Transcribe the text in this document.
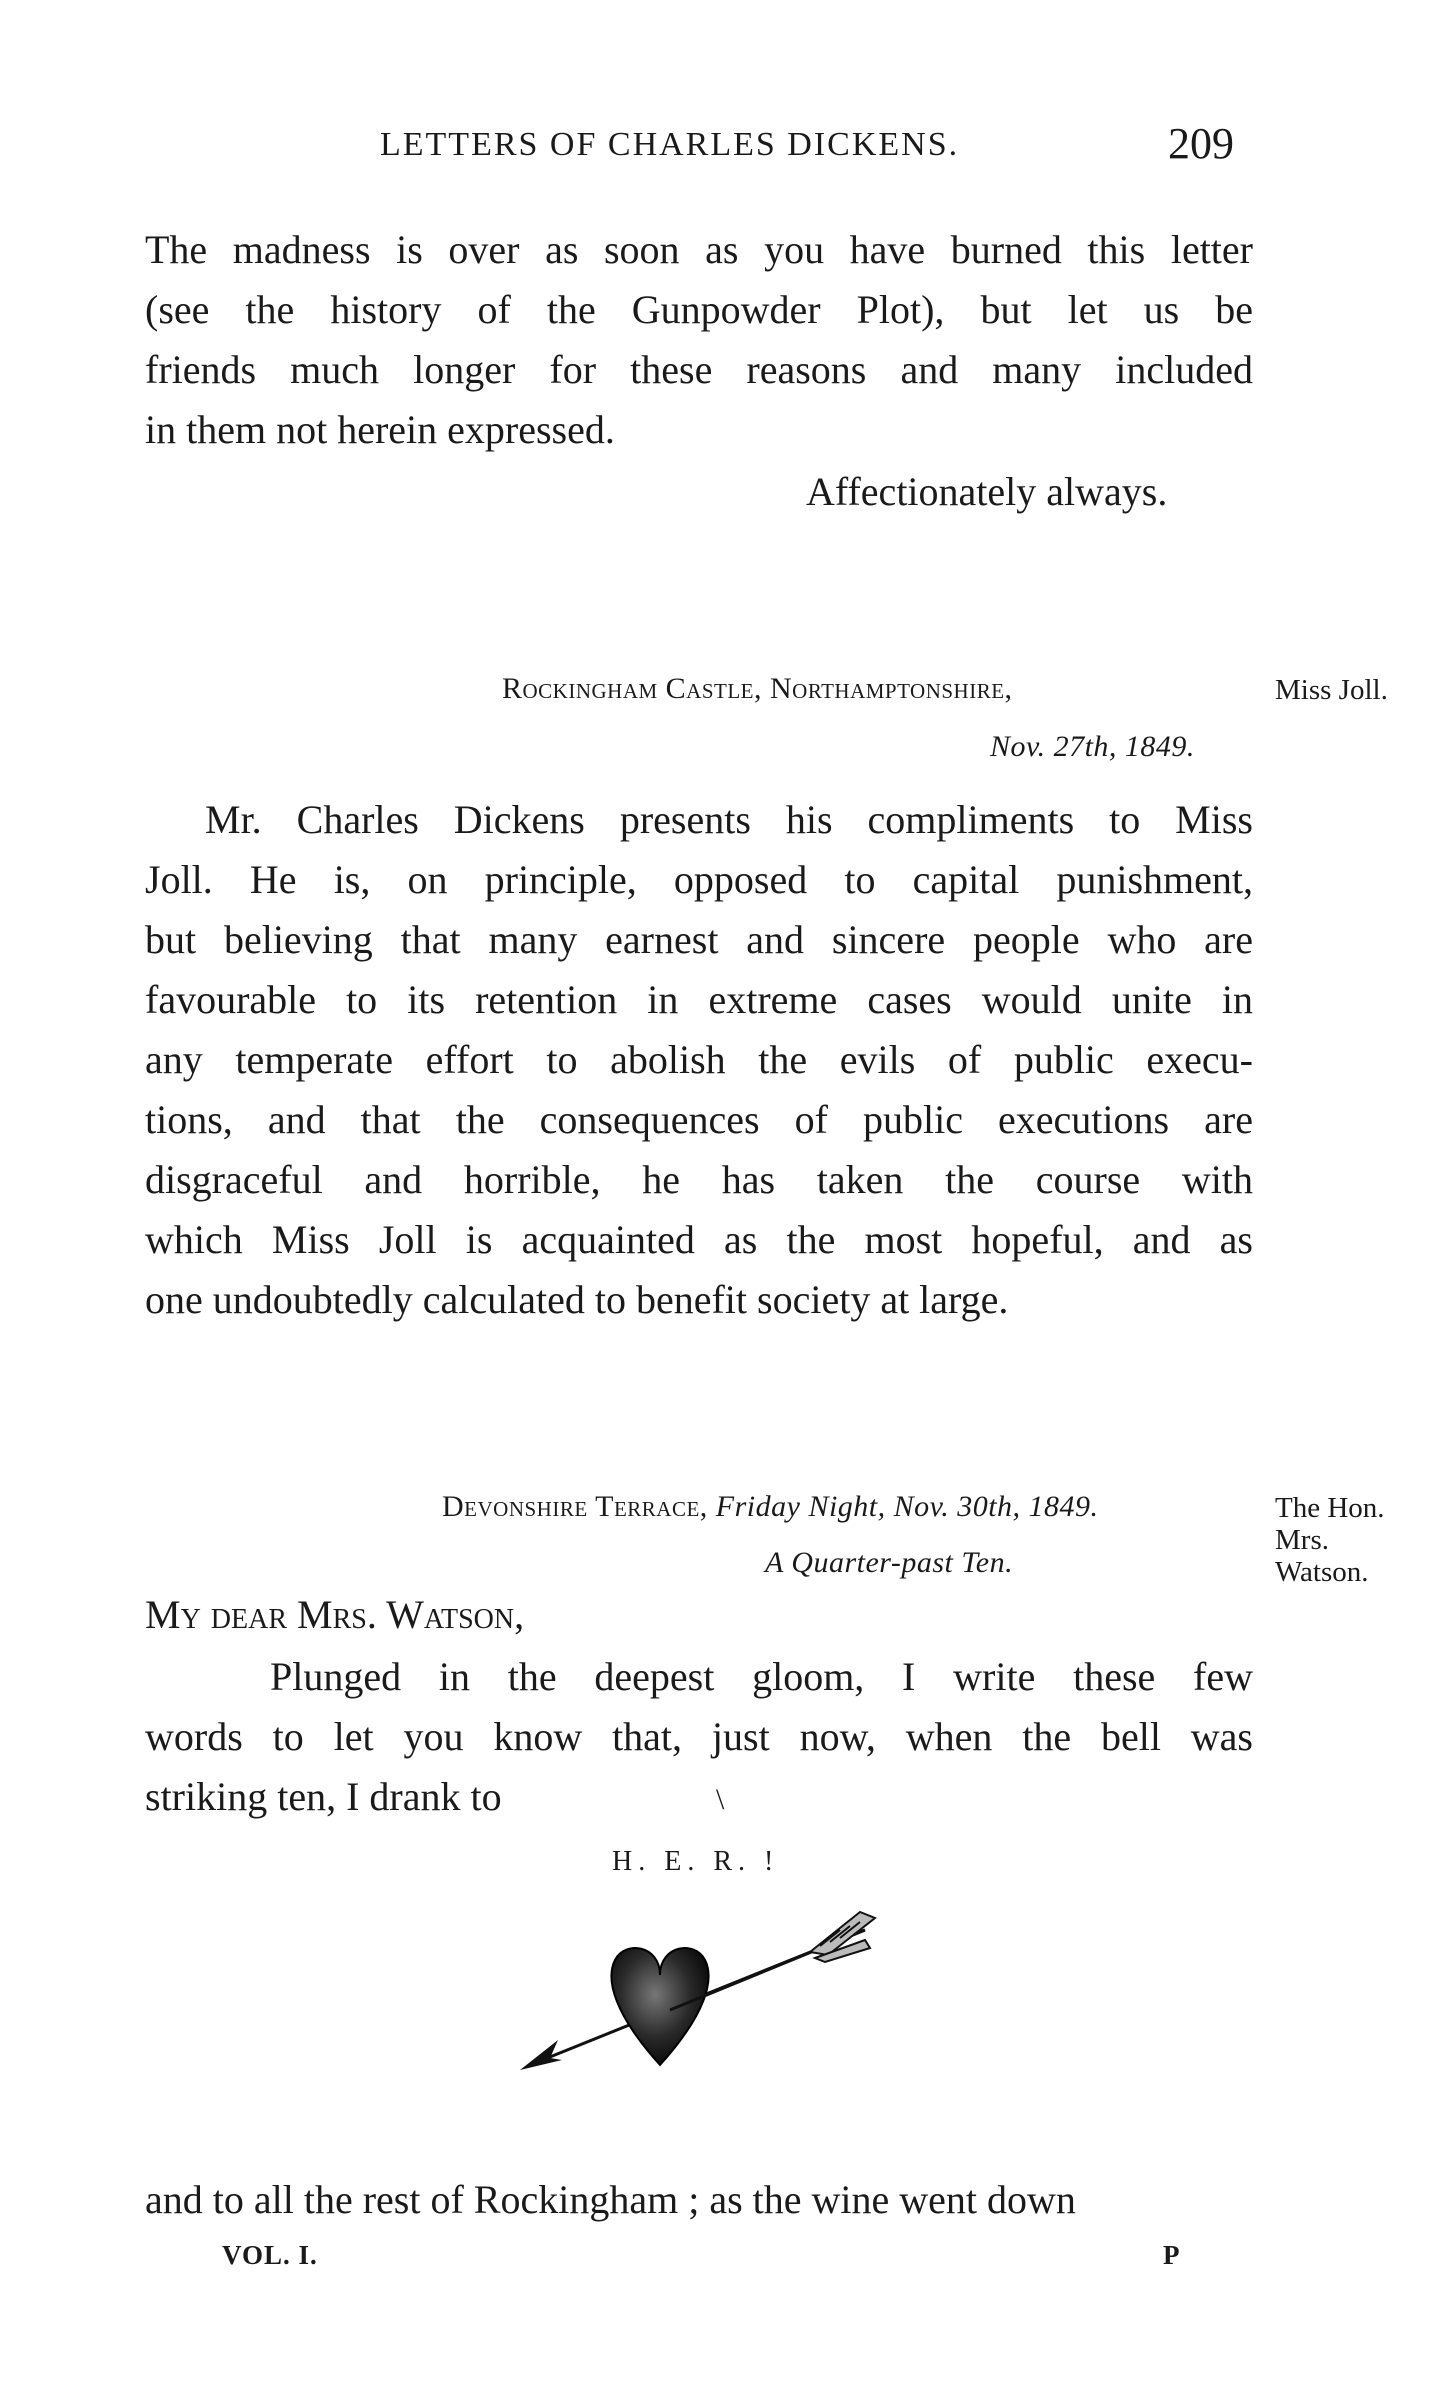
LETTERS OF CHARLES DICKENS.	209
The madness is over as soon as you have burned this letter
(see the history of the Gunpowder Plot), but let us be
friends much longer for these reasons and many included
in them not herein expressed.
Affectionately always.
Rockingham Castle, Northamptonshire,	Miss Joll.
Nov. 27th, 1849.
Mr. Charles Dickens presents his compliments to Miss
Joll. He is, on principle, opposed to capital punishment,
but believing that many earnest and sincere people who are
favourable to its retention in extreme cases would unite in
any temperate effort to abolish the evils of public execu-
tions, and that the consequences of public executions are
disgraceful and horrible, he has taken the course with
which Miss Joll is acquainted as the most hopeful, and as
one undoubtedly calculated to benefit society at large.
Devonshire Terrace, Friday Night, Nov. 30th, 1849.
A Quarter-past Ten.
The Hon. Mrs. Watson.
My dear Mrs. Watson,
Plunged in the deepest gloom, I write these few
words to let you know that, just now, when the bell was
striking ten, I drank to	\
H. E. R. !
and to all the rest of Rockingham ; as the wine went down
VOL. I.	P
